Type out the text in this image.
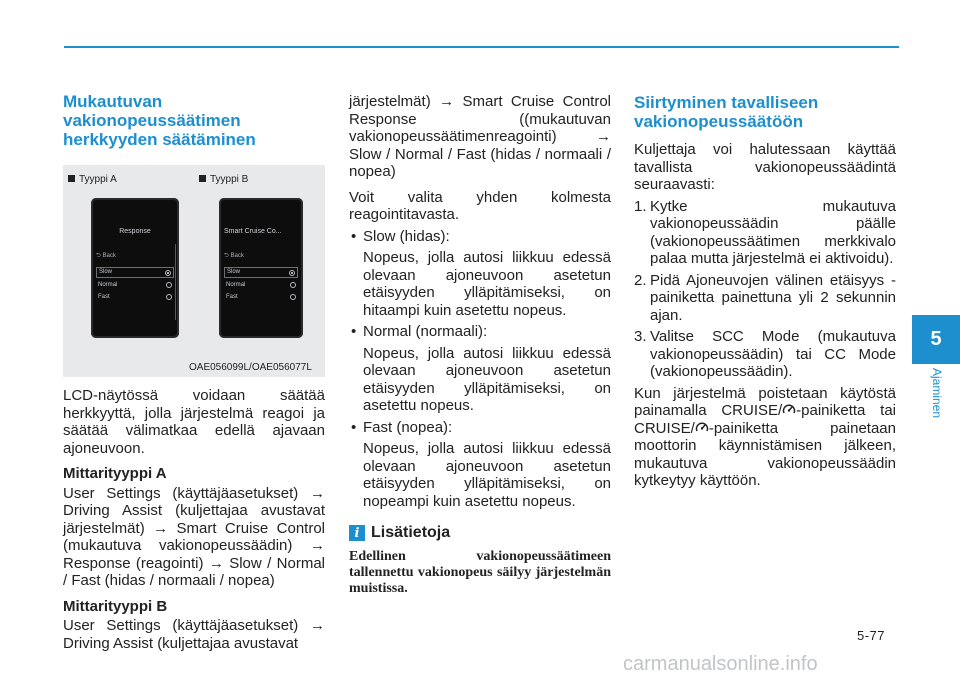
Mukautuvan vakionopeussäätimen herkkyyden säätäminen
Tyyppi A	Tyyppi B
Response
⮌ Back
Slow
Normal
Fast
Smart Cruise Co...
⮌ Back
Slow
Normal
Fast
OAE056099L/OAE056077L

LCD-näytössä voidaan säätää herkkyyttä, jolla järjestelmä reagoi ja säätää välimatkaa edellä ajavaan ajoneuvoon.

Mittarityyppi A

User Settings (käyttäjäasetukset) → Driving Assist (kuljettajaa avustavat järjestelmät) → Smart Cruise Control (mukautuva vakionopeussäädin) → Response (reagointi) → Slow / Normal / Fast (hidas / normaali / nopea)

Mittarityyppi B

User Settings (käyttäjäasetukset) → Driving Assist (kuljettajaa avustavat

järjestelmät) → Smart Cruise Control Response ((mukautuvan vakionopeussäätimenreagointi) → Slow / Normal / Fast (hidas / normaali / nopea)

Voit valita yhden kolmesta reagointitavasta.

• Slow (hidas):

Nopeus, jolla autosi liikkuu edessä olevaan ajoneuvoon asetetun etäisyyden ylläpitämiseksi, on hitaampi kuin asetettu nopeus.

• Normal (normaali):

Nopeus, jolla autosi liikkuu edessä olevaan ajoneuvoon asetetun etäisyyden ylläpitämiseksi, on asetettu nopeus.

• Fast (nopea):

Nopeus, jolla autosi liikkuu edessä olevaan ajoneuvoon asetetun etäisyyden ylläpitämiseksi, on nopeampi kuin asetettu nopeus.

i Lisätietoja

Edellinen vakionopeussäätimeen tallennettu vakionopeus säilyy järjestelmän muistissa.

Siirtyminen tavalliseen vakionopeussäätöön

Kuljettaja voi halutessaan käyttää tavallista vakionopeussäädintä seuraavasti:

1. Kytke mukautuva vakionopeussäädin päälle (vakionopeussäätimen merkkivalo palaa mutta järjestelmä ei aktivoidu).
2. Pidä Ajoneuvojen välinen etäisyys -painiketta painettuna yli 2 sekunnin ajan.
3. Valitse SCC Mode (mukautuva vakionopeussäädin) tai CC Mode (vakionopeussäädin).

Kun järjestelmä poistetaan käytöstä painamalla CRUISE/ -painiketta tai CRUISE/ -painiketta painetaan moottorin käynnistämisen jälkeen, mukautuva vakionopeussäädin kytkeytyy käyttöön.

5
Ajaminen
5-77
carmanualsonline.info
